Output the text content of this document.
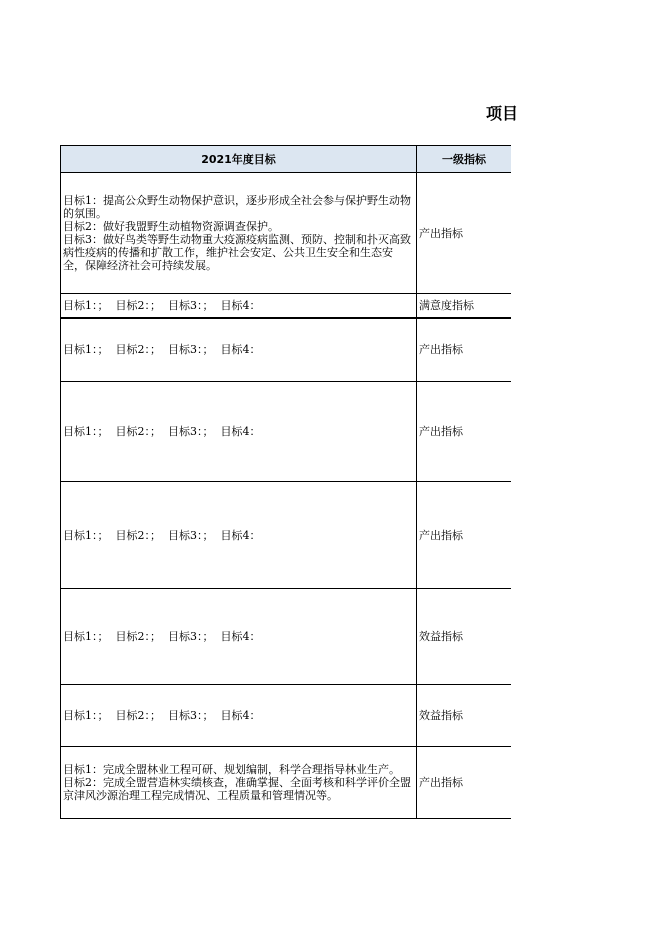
项目
2021年度目标	一级指标

目标1：提高公众野生动物保护意识，逐步形成全社会参与保护野生动物的氛围。
目标2：做好我盟野生动植物资源调查保护。
目标3：做好鸟类等野生动物重大疫源疫病监测、预防、控制和扑灭高致病性疫病的传播和扩散工作，维护社会安定、公共卫生安全和生态安全，保障经济社会可持续发展。	产出指标

目标1：；  目标2：；  目标3：；  目标4：	满意度指标

目标1：；  目标2：；  目标3：；  目标4：	产出指标

目标1：；  目标2：；  目标3：；  目标4：	产出指标

目标1：；  目标2：；  目标3：；  目标4：	产出指标

目标1：；  目标2：；  目标3：；  目标4：	效益指标

目标1：；  目标2：；  目标3：；  目标4：	效益指标

目标1：完成全盟林业工程可研、规划编制，科学合理指导林业生产。
目标2：完成全盟营造林实绩核查，准确掌握、全面考核和科学评价全盟京津风沙源治理工程完成情况、工程质量和管理情况等。	产出指标
